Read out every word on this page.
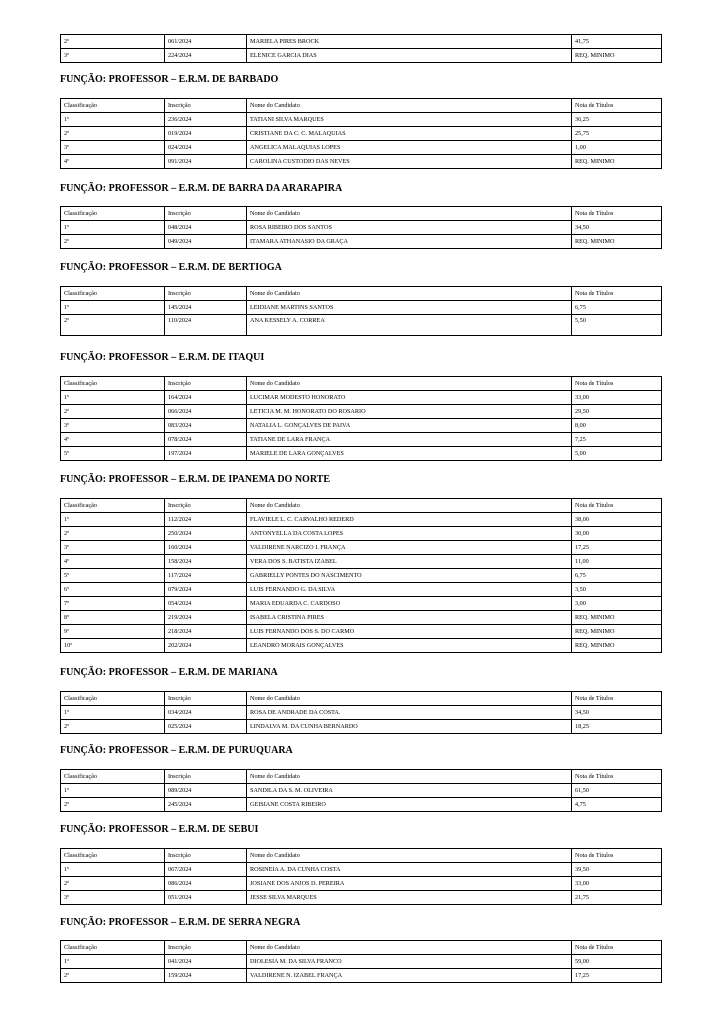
2º	061/2024	MARIELA PIRES BROCK	41,75
3º	224/2024	ELENICE GARCIA DIAS	REQ. MINIMO
FUNÇÃO: PROFESSOR – E.R.M. DE BARBADO
Classificação	Inscrição	Nome do Candidato	Nota de Títulos
1º	236/2024	TATIANI SILVA MARQUES	36,25
2º	019/2024	CRISTIANE DA C. C. MALAQUIAS	25,75
3º	024/2024	ANGELICA MALAQUIAS LOPES	1,00
4º	091/2024	CAROLINA CUSTODIO DAS NEVES	REQ. MINIMO
FUNÇÃO: PROFESSOR – E.R.M. DE BARRA DA ARARAPIRA
Classificação	Inscrição	Nome do Candidato	Nota de Títulos
1º	048/2024	ROSA RIBEIRO DOS SANTOS	34,50
2º	049/2024	ITAMARA ATHANASIO DA GRAÇA	REQ. MINIMO
FUNÇÃO: PROFESSOR – E.R.M. DE BERTIOGA
Classificação	Inscrição	Nome do Candidato	Nota de Títulos
1º	145/2024	LEIDIANE MARTINS SANTOS	6,75
2º	110/2024	ANA KESSELY A. CORREA	5,50
FUNÇÃO: PROFESSOR – E.R.M. DE ITAQUI
Classificação	Inscrição	Nome do Candidato	Nota de Títulos
1º	164/2024	LUCIMAR MODESTO HONORATO	33,00
2º	066/2024	LETICIA M. M. HONORATO DO ROSARIO	29,50
3º	083/2024	NATALIA L. GONÇALVES DE PAIVA	8,00
4º	078/2024	TATIANE DE LARA FRANÇA	7,25
5º	197/2024	MARIELE DE LARA GONÇALVES	5,00
FUNÇÃO: PROFESSOR – E.R.M. DE IPANEMA DO NORTE
Classificação	Inscrição	Nome do Candidato	Nota de Títulos
1º	112/2024	FLAVIELE L. C. CARVALHO REDERD	38,00
2º	250/2024	ANTONYELLA DA COSTA LOPES	30,00
3º	160/2024	VALDIRENE NARCIZO I. FRANÇA	17,25
4º	158/2024	VERA DOS S. BATISTA IZABEL	11,00
5º	117/2024	GABRIELLY PONTES DO NASCIMENTO	6,75
6º	079/2024	LUIS FERNANDO G. DA SILVA	3,50
7º	054/2024	MARIA EDUARDA C. CARDOSO	3,00
8º	219/2024	ISABELA CRISTINA PIRES	REQ. MINIMO
9º	218/2024	LUIS FERNANDO DOS S. DO CARMO	REQ. MINIMO
10º	202/2024	LEANDRO MORAIS GONÇALVES	REQ. MINIMO
FUNÇÃO: PROFESSOR – E.R.M. DE MARIANA
Classificação	Inscrição	Nome do Candidato	Nota de Títulos
1º	034/2024	ROSA DE ANDRADE DA COSTA.	34,50
2º	025/2024	LINDALVA M. DA CUNHA BERNARDO	18,25
FUNÇÃO: PROFESSOR – E.R.M. DE PURUQUARA
Classificação	Inscrição	Nome do Candidato	Nota de Títulos
1º	089/2024	SANDILA DA S. M. OLIVEIRA	61,50
2º	245/2024	GEISIANE COSTA RIBEIRO	4,75
FUNÇÃO: PROFESSOR – E.R.M. DE SEBUI
Classificação	Inscrição	Nome do Candidato	Nota de Títulos
1º	067/2024	ROSINEIA A. DA CUNHA COSTA	39,50
2º	086/2024	JOSIANE DOS ANJOS D. PEREIRA	33,00
3º	051/2024	JESSE SILVA MARQUES	21,75
FUNÇÃO: PROFESSOR – E.R.M. DE SERRA NEGRA
Classificação	Inscrição	Nome do Candidato	Nota de Títulos
1º	041/2024	DIOLESIA M. DA SILVA FRANCO	59,00
2º	159/2024	VALDIRENE N. IZABEL FRANÇA	17,25
